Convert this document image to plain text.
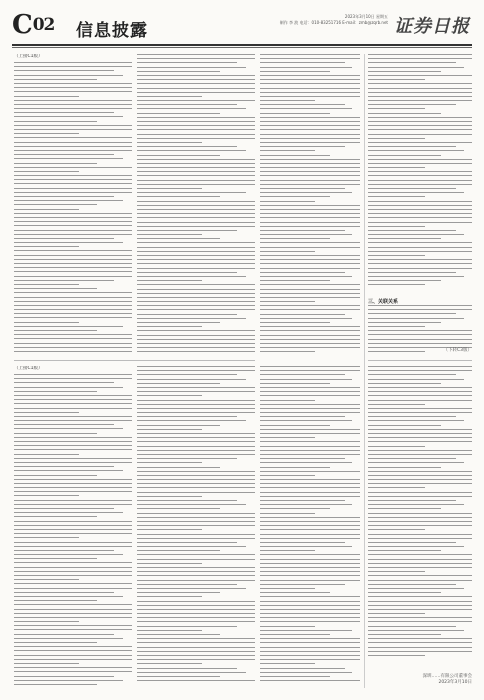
C02 信息披露
2023年3月10日 星期五
制作 李 波 电话：010-83251716 E-mail：zmb@zqrb.net 证券日报
（上接C1版）
（上接C1版）
三、关联关系
（下转C3版）
深圳……有限公司董事会
2023年3月10日
